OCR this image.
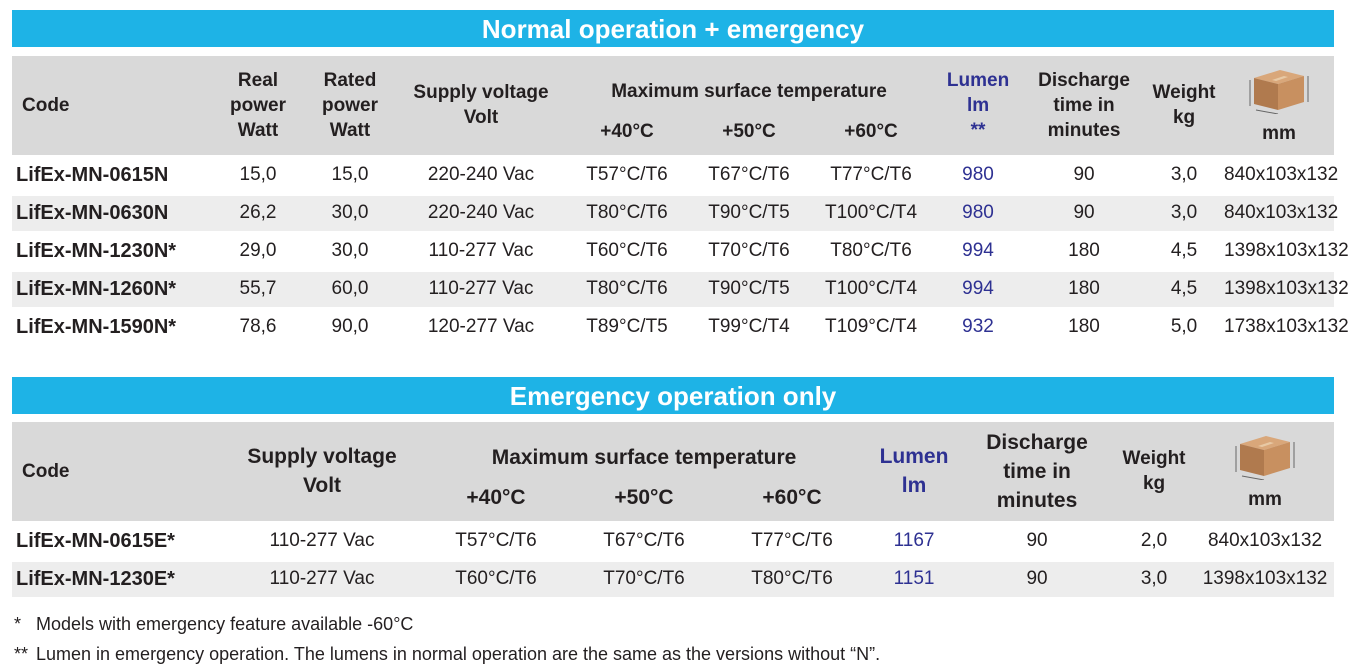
Normal operation + emergency
Code	Real
power
Watt	Rated
power
Watt	Supply voltage
Volt	Maximum surface temperature			Lumen
lm
**	Discharge
time in
minutes	Weight
kg	mm
				+40°C	+50°C	+60°C				
LifEx-MN-0615N	15,0	15,0	220-240 Vac	T57°C/T6	T67°C/T6	T77°C/T6	980	90	3,0	840x103x132
LifEx-MN-0630N	26,2	30,0	220-240 Vac	T80°C/T6	T90°C/T5	T100°C/T4	980	90	3,0	840x103x132
LifEx-MN-1230N*	29,0	30,0	110-277 Vac	T60°C/T6	T70°C/T6	T80°C/T6	994	180	4,5	1398x103x132
LifEx-MN-1260N*	55,7	60,0	110-277 Vac	T80°C/T6	T90°C/T5	T100°C/T4	994	180	4,5	1398x103x132
LifEx-MN-1590N*	78,6	90,0	120-277 Vac	T89°C/T5	T99°C/T4	T109°C/T4	932	180	5,0	1738x103x132
Emergency operation only
Code	Supply voltage
Volt	Maximum surface temperature			Lumen
lm	Discharge
time in
minutes	Weight
kg	mm
		+40°C	+50°C	+60°C				
LifEx-MN-0615E*	110-277 Vac	T57°C/T6	T67°C/T6	T77°C/T6	1167	90	2,0	840x103x132
LifEx-MN-1230E*	110-277 Vac	T60°C/T6	T70°C/T6	T80°C/T6	1151	90	3,0	1398x103x132
* Models with emergency feature available -60°C
** Lumen in emergency operation. The lumens in normal operation are the same as the versions without “N”.
